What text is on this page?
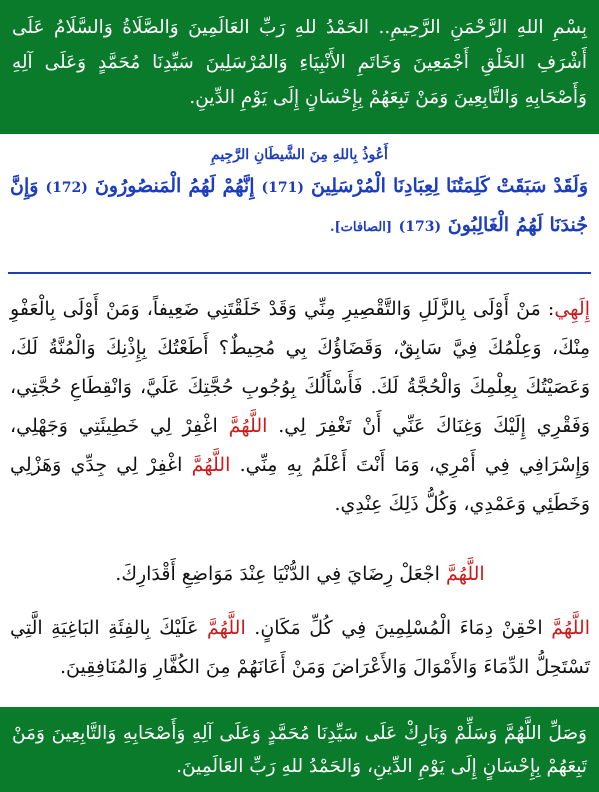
بِسْمِ اللهِ الرَّحْمَنِ الرَّحِيمِ.. الحَمْدُ للهِ رَبِّ العَالَمِينَ وَالصَّلَاةُ وَالسَّلَامُ عَلَى أَشْرَفِ الخَلْقِ أَجْمَعِينَ وَخَاتَمِ الأَنْبِيَاءِ وَالمُرْسَلِينَ سَيِّدِنَا مُحَمَّدٍ وَعَلَى آلِهِ وَأَصْحَابِهِ وَالتَّابِعِينَ وَمَنْ تَبِعَهُمْ بِإِحْسَانٍ إِلَى يَوْمِ الدِّينِ.
أَعُوذُ بِاللهِ مِنَ الشَّيطَانِ الرَّجِيمِ
وَلَقَدْ سَبَقَتْ كَلِمَتُنَا لِعِبَادِنَا الْمُرْسَلِينَ (171) إِنَّهُمْ لَهُمُ الْمَنصُورُونَ (172) وَإِنَّ جُندَنَا لَهُمُ الْغَالِبُونَ (173) [الصافات].
إِلَهِي: مَنْ أَوْلَى بِالزَّلَلِ وَالتَّقْصِيرِ مِنِّي وَقَدْ خَلَقْتَنِي ضَعِيفاً، وَمَنْ أَوْلَى بِالْعَفْوِ مِنْكَ، وَعِلْمُكَ فِيَّ سَابِقٌ، وَقَضَاؤُكَ بِي مُحِيطٌ؟ أَطَعْتُكَ بِإِذْنِكَ وَالْمُنَّةُ لَكَ، وَعَصَيْتُكَ بِعِلْمِكَ وَالْحُجَّةُ لَكَ. فَأَسْأَلُكَ بِوُجُوبِ حُجَّتِكَ عَلَيَّ، وَانْقِطَاعِ حُجَّتِي، وَفَقْرِي إِلَيْكَ وَغِنَاكَ عَنِّي أَنْ تَغْفِرَ لِي. اللَّهُمَّ اغْفِرْ لِي خَطِيئَتِي وَجَهْلِي، وَإِسْرَافِي فِي أَمْرِي، وَمَا أَنْتَ أَعْلَمُ بِهِ مِنِّي. اللَّهُمَّ اغْفِرْ لِي جِدِّي وَهَزْلِي وَخَطَئِي وَعَمْدِي، وَكُلُّ ذَلِكَ عِنْدِي.
اللَّهُمَّ اجْعَلْ رِضَايَ فِي الدُّنْيَا عِنْدَ مَوَاضِعِ أَقْدَارِكَ.
اللَّهُمَّ احْقِنْ دِمَاءَ الْمُسْلِمِينَ فِي كُلِّ مَكَانٍ. اللَّهُمَّ عَلَيْكَ بِالفِئَةِ البَاغِيَةِ الَّتِي تَسْتَحِلُّ الدِّمَاءَ وَالأَمْوَالَ وَالأَعْرَاضَ وَمَنْ أَعَانَهُمْ مِنَ الكُفَّارِ وَالمُنَافِقِينَ.
وَصَلِّ اللَّهُمَّ وَسَلِّمْ وَبَارِكْ عَلَى سَيِّدِنَا مُحَمَّدٍ وَعَلَى آلِهِ وَأَصْحَابِهِ وَالتَّابِعِينَ وَمَنْ تَبِعَهُمْ بِإِحْسَانٍ إِلَى يَوْمِ الدِّينِ، وَالحَمْدُ للهِ رَبِّ العَالَمِينَ.
